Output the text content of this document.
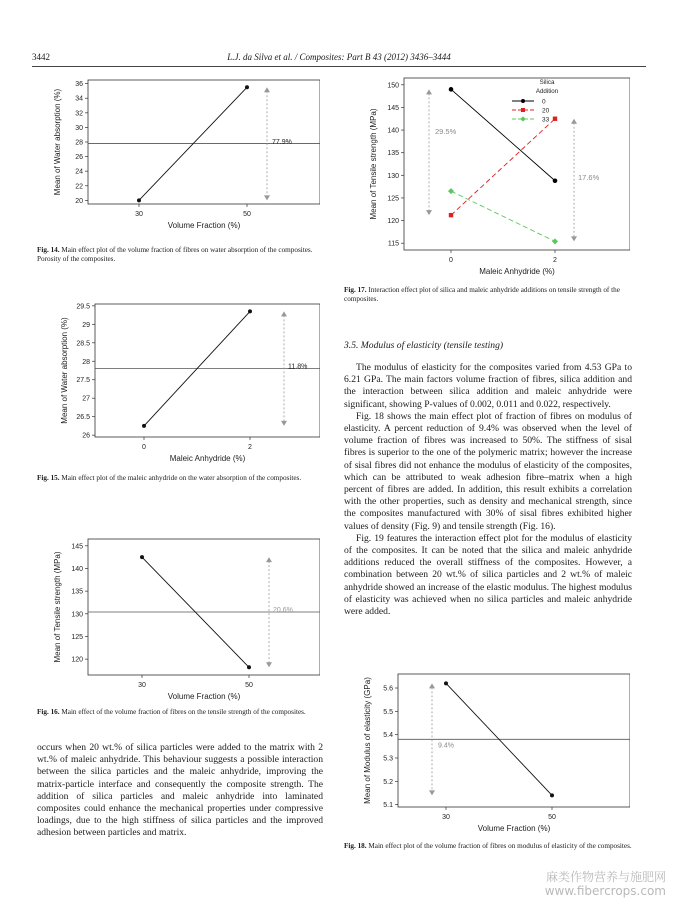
3442	L.J. da Silva et al. / Composites: Part B 43 (2012) 3436–3444
20
22
24
26
28
30
32
34
36
30	50
Volume Fraction (%)
Mean of Water absorption (%)	77.9%
26
26.5
27
27.5
28
28.5
29
29.5
0	2
Maleic Anhydride (%)
Mean of Water absorption (%)	11.8%
120
125
130
135
140
145
30	50
Volume Fraction (%)
Mean of Tensile strength (MPa)	20.6%
115
120
125
130
135
140
145
150
0	2
Maleic Anhydride (%)
Mean of Tensile strength (MPa)	29.5%
17.6%
Silica
Addition
0
20
33
5.1
5.2
5.3
5.4
5.5
5.6
30	50
Volume Fraction (%)
Mean of Modulus of elasticity (GPa)	9.4%
Fig. 14. Main effect plot of the volume fraction of fibres on water absorption of the composites. Porosity of the composites.
Fig. 15. Main effect plot of the maleic anhydride on the water absorption of the composites.
Fig. 16. Main effect of the volume fraction of fibres on the tensile strength of the composites.
Fig. 17. Interaction effect plot of silica and maleic anhydride additions on tensile strength of the composites.
Fig. 18. Main effect plot of the volume fraction of fibres on modulus of elasticity of the composites.
occurs when 20 wt.% of silica particles were added to the matrix with 2 wt.% of maleic anhydride. This behaviour suggests a possible interaction between the silica particles and the maleic anhydride, improving the matrix-particle interface and consequently the composite strength. The addition of silica particles and maleic anhydride into laminated composites could enhance the mechanical properties under compressive loadings, due to the high stiffness of silica particles and the improved adhesion between particles and matrix.
3.5. Modulus of elasticity (tensile testing)

The modulus of elasticity for the composites varied from 4.53 GPa to 6.21 GPa. The main factors volume fraction of fibres, silica addition and the interaction between silica addition and maleic anhydride were significant, showing P-values of 0.002, 0.011 and 0.022, respectively.

Fig. 18 shows the main effect plot of fraction of fibres on modulus of elasticity. A percent reduction of 9.4% was observed when the level of volume fraction of fibres was increased to 50%. The stiffness of sisal fibres is superior to the one of the polymeric matrix; however the increase of sisal fibres did not enhance the modulus of elasticity of the composites, which can be attributed to weak adhesion fibre–matrix when a high percent of fibres are added. In addition, this result exhibits a correlation with the other properties, such as density and mechanical strength, since the composites manufactured with 30% of sisal fibres exhibited higher values of density (Fig. 9) and tensile strength (Fig. 16).

Fig. 19 features the interaction effect plot for the modulus of elasticity of the composites. It can be noted that the silica and maleic anhydride additions reduced the overall stiffness of the composites. However, a combination between 20 wt.% of silica particles and 2 wt.% of maleic anhydride showed an increase of the elastic modulus. The highest modulus of elasticity was achieved when no silica particles and maleic anhydride were added.

麻类作物营养与施肥网
www.fibercrops.com
